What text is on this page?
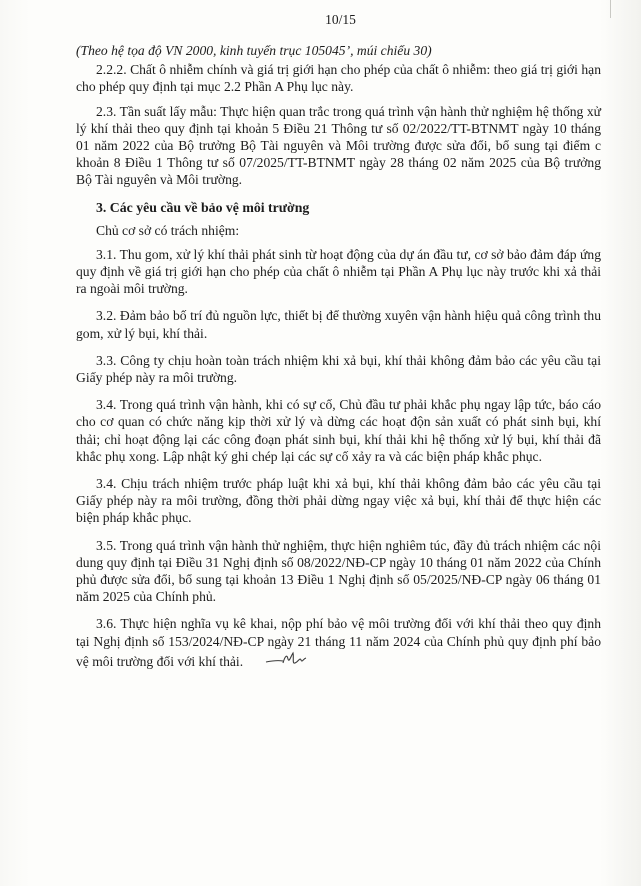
10/15

(Theo hệ tọa độ VN 2000, kinh tuyến trục 105045’, múi chiếu 30)

2.2.2. Chất ô nhiễm chính và giá trị giới hạn cho phép của chất ô nhiễm: theo giá trị giới hạn cho phép quy định tại mục 2.2 Phần A Phụ lục này.

2.3. Tần suất lấy mẫu: Thực hiện quan trắc trong quá trình vận hành thử nghiệm hệ thống xử lý khí thải theo quy định tại khoản 5 Điều 21 Thông tư số 02/2022/TT-BTNMT ngày 10 tháng 01 năm 2022 của Bộ trưởng Bộ Tài nguyên và Môi trường được sửa đổi, bổ sung tại điểm c khoản 8 Điều 1 Thông tư số 07/2025/TT-BTNMT ngày 28 tháng 02 năm 2025 của Bộ trưởng Bộ Tài nguyên và Môi trường.

3. Các yêu cầu về bảo vệ môi trường

Chủ cơ sở có trách nhiệm:

3.1. Thu gom, xử lý khí thải phát sinh từ hoạt động của dự án đầu tư, cơ sở bảo đảm đáp ứng quy định về giá trị giới hạn cho phép của chất ô nhiễm tại Phần A Phụ lục này trước khi xả thải ra ngoài môi trường.

3.2. Đảm bảo bố trí đủ nguồn lực, thiết bị để thường xuyên vận hành hiệu quả công trình thu gom, xử lý bụi, khí thải.

3.3. Công ty chịu hoàn toàn trách nhiệm khi xả bụi, khí thải không đảm bảo các yêu cầu tại Giấy phép này ra môi trường.

3.4. Trong quá trình vận hành, khi có sự cố, Chủ đầu tư phải khắc phụ ngay lập tức, báo cáo cho cơ quan có chức năng kịp thời xử lý và dừng các hoạt độn sản xuất có phát sinh bụi, khí thải; chỉ hoạt động lại các công đoạn phát sinh bụi, khí thải khi hệ thống xử lý bụi, khí thải đã khắc phụ xong. Lập nhật ký ghi chép lại các sự cố xảy ra và các biện pháp khắc phục.

3.4. Chịu trách nhiệm trước pháp luật khi xả bụi, khí thải không đảm bảo các yêu cầu tại Giấy phép này ra môi trường, đồng thời phải dừng ngay việc xả bụi, khí thải để thực hiện các biện pháp khắc phục.

3.5. Trong quá trình vận hành thử nghiệm, thực hiện nghiêm túc, đầy đủ trách nhiệm các nội dung quy định tại Điều 31 Nghị định số 08/2022/NĐ-CP ngày 10 tháng 01 năm 2022 của Chính phủ được sửa đổi, bổ sung tại khoản 13 Điều 1 Nghị định số 05/2025/NĐ-CP ngày 06 tháng 01 năm 2025 của Chính phủ.

3.6. Thực hiện nghĩa vụ kê khai, nộp phí bảo vệ môi trường đối với khí thải theo quy định tại Nghị định số 153/2024/NĐ-CP ngày 21 tháng 11 năm 2024 của Chính phủ quy định phí bảo vệ môi trường đối với khí thải.
